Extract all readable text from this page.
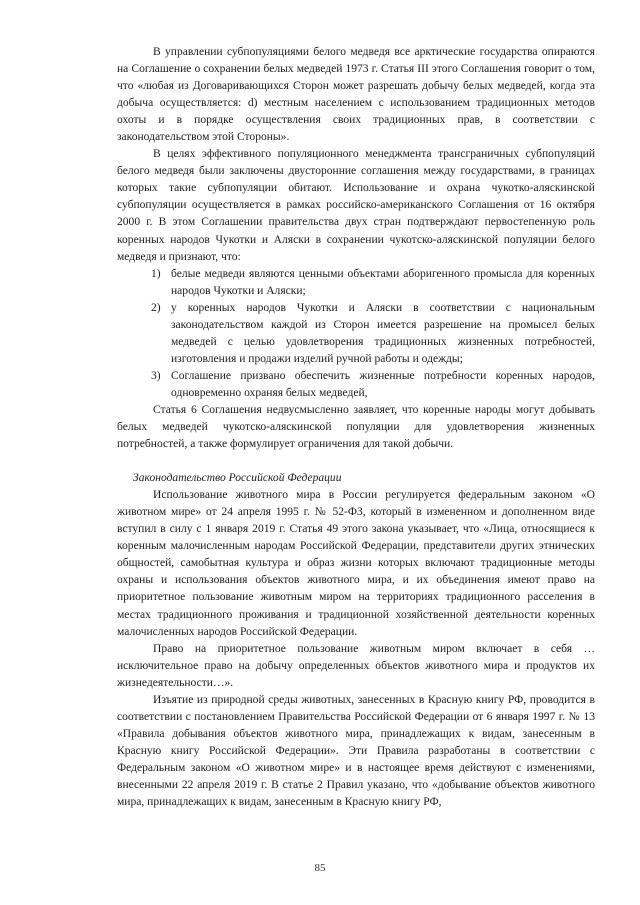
В управлении субпопуляциями белого медведя все арктические государства опираются на Соглашение о сохранении белых медведей 1973 г. Статья III этого Соглашения говорит о том, что «любая из Договаривающихся Сторон может разрешать добычу белых медведей, когда эта добыча осуществляется: d) местным населением с использованием традиционных методов охоты и в порядке осуществления своих традиционных прав, в соответствии с законодательством этой Стороны».

В целях эффективного популяционного менеджмента трансграничных субпопуляций белого медведя были заключены двусторонние соглашения между государствами, в границах которых такие субпопуляции обитают. Использование и охрана чукотко-аляскинской субпопуляции осуществляется в рамках российско-американского Соглашения от 16 октября 2000 г. В этом Соглашении правительства двух стран подтверждают первостепенную роль коренных народов Чукотки и Аляски в сохранении чукотско-аляскинской популяции белого медведя и признают, что:

1) белые медведи являются ценными объектами аборигенного промысла для коренных народов Чукотки и Аляски;
2) у коренных народов Чукотки и Аляски в соответствии с национальным законодательством каждой из Сторон имеется разрешение на промысел белых медведей с целью удовлетворения традиционных жизненных потребностей, изготовления и продажи изделий ручной работы и одежды;
3) Соглашение призвано обеспечить жизненные потребности коренных народов, одновременно охраняя белых медведей,

Статья 6 Соглашения недвусмысленно заявляет, что коренные народы могут добывать белых медведей чукотско-аляскинской популяции для удовлетворения жизненных потребностей, а также формулирует ограничения для такой добычи.

Законодательство Российской Федерации

Использование животного мира в России регулируется федеральным законом «О животном мире» от 24 апреля 1995 г. № 52-ФЗ, который в измененном и дополненном виде вступил в силу с 1 января 2019 г. Статья 49 этого закона указывает, что «Лица, относящиеся к коренным малочисленным народам Российской Федерации, представители других этнических общностей, самобытная культура и образ жизни которых включают традиционные методы охраны и использования объектов животного мира, и их объединения имеют право на приоритетное пользование животным миром на территориях традиционного расселения в местах традиционного проживания и традиционной хозяйственной деятельности коренных малочисленных народов Российской Федерации.

Право на приоритетное пользование животным миром включает в себя … исключительное право на добычу определенных объектов животного мира и продуктов их жизнедеятельности…».

Изъятие из природной среды животных, занесенных в Красную книгу РФ, проводится в соответствии с постановлением Правительства Российской Федерации от 6 января 1997 г. № 13 «Правила добывания объектов животного мира, принадлежащих к видам, занесенным в Красную книгу Российской Федерации». Эти Правила разработаны в соответствии с Федеральным законом «О животном мире» и в настоящее время действуют с изменениями, внесенными 22 апреля 2019 г. В статье 2 Правил указано, что «добывание объектов животного мира, принадлежащих к видам, занесенным в Красную книгу РФ,

85
